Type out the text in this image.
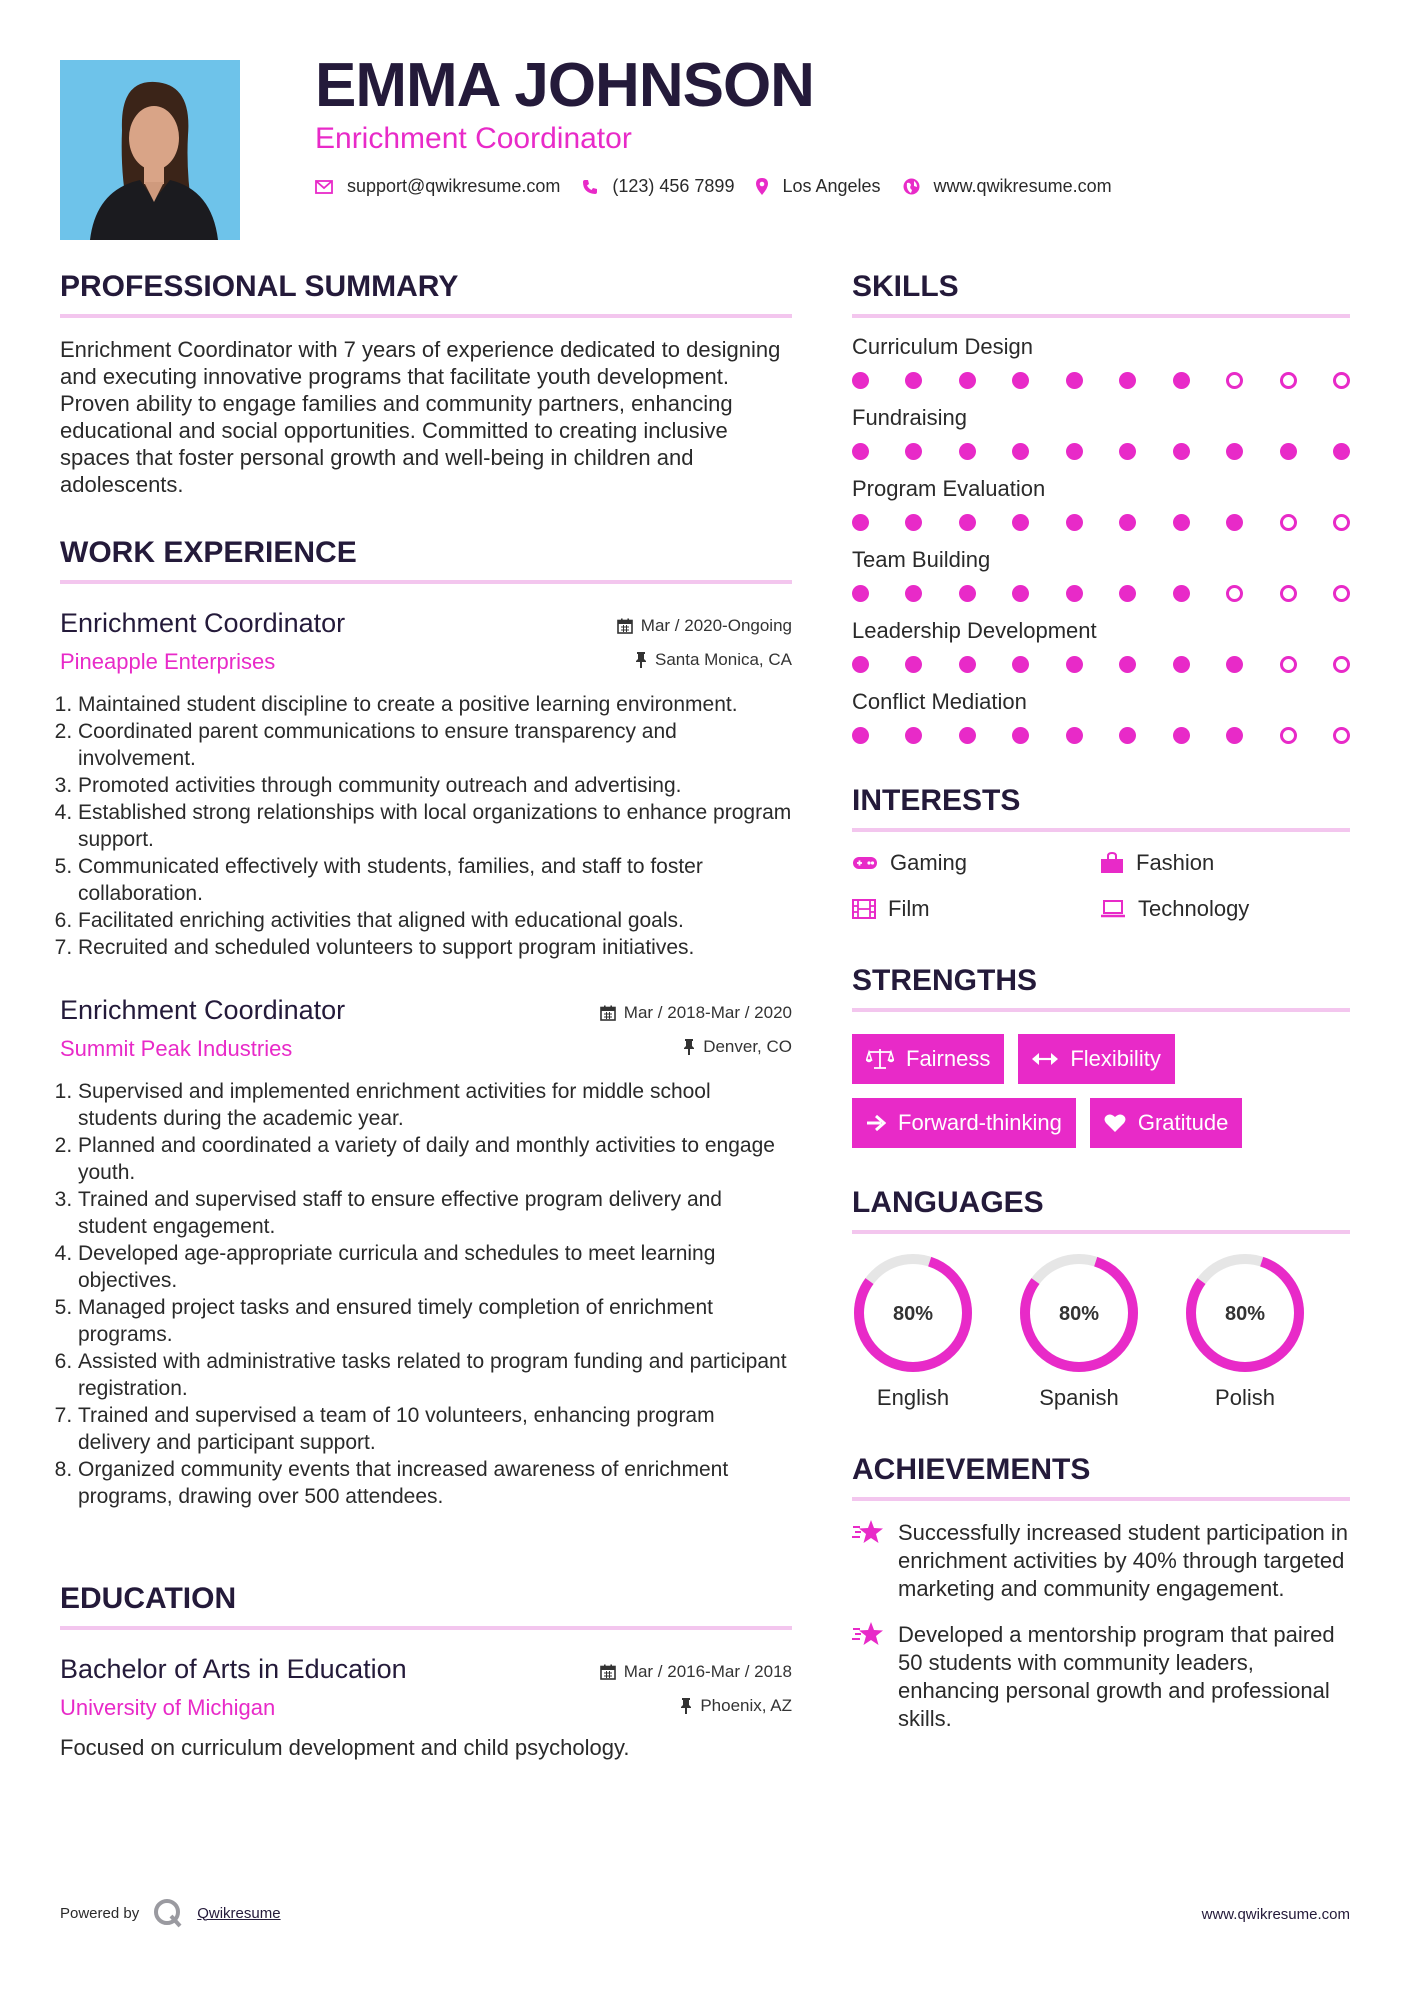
EMMA JOHNSON

Enrichment Coordinator

support@qwikresume.com	(123) 456 7899	Los Angeles	www.qwikresume.com
PROFESSIONAL SUMMARY

Enrichment Coordinator with 7 years of experience dedicated to designing and executing innovative programs that facilitate youth development. Proven ability to engage families and community partners, enhancing educational and social opportunities. Committed to creating inclusive spaces that foster personal growth and well-being in children and adolescents.

WORK EXPERIENCE

Enrichment Coordinator	Mar / 2020-Ongoing

Pineapple Enterprises	Santa Monica, CA
1. Maintained student discipline to create a positive learning environment.
2. Coordinated parent communications to ensure transparency and involvement.
3. Promoted activities through community outreach and advertising.
4. Established strong relationships with local organizations to enhance program support.
5. Communicated effectively with students, families, and staff to foster collaboration.
6. Facilitated enriching activities that aligned with educational goals.
7. Recruited and scheduled volunteers to support program initiatives.

Enrichment Coordinator	Mar / 2018-Mar / 2020

Summit Peak Industries	Denver, CO
1. Supervised and implemented enrichment activities for middle school students during the academic year.
2. Planned and coordinated a variety of daily and monthly activities to engage youth.
3. Trained and supervised staff to ensure effective program delivery and student engagement.
4. Developed age-appropriate curricula and schedules to meet learning objectives.
5. Managed project tasks and ensured timely completion of enrichment programs.
6. Assisted with administrative tasks related to program funding and participant registration.
7. Trained and supervised a team of 10 volunteers, enhancing program delivery and participant support.
8. Organized community events that increased awareness of enrichment programs, drawing over 500 attendees.
EDUCATION

Bachelor of Arts in Education	Mar / 2016-Mar / 2018

University of Michigan	Phoenix, AZ

Focused on curriculum development and child psychology.

SKILLS

Curriculum Design

Fundraising

Program Evaluation

Team Building

Leadership Development

Conflict Mediation

INTERESTS
Gaming	Fashion
Film	Technology
STRENGTHS
Fairness	Flexibility
Forward-thinking	Gratitude
LANGUAGES
80%
English
80%
Spanish
80%
Polish
ACHIEVEMENTS
Successfully increased student participation in enrichment activities by 40% through targeted marketing and community engagement.
Developed a mentorship program that paired 50 students with community leaders, enhancing personal growth and professional skills.
Powered by	Qwikresume	www.qwikresume.com
